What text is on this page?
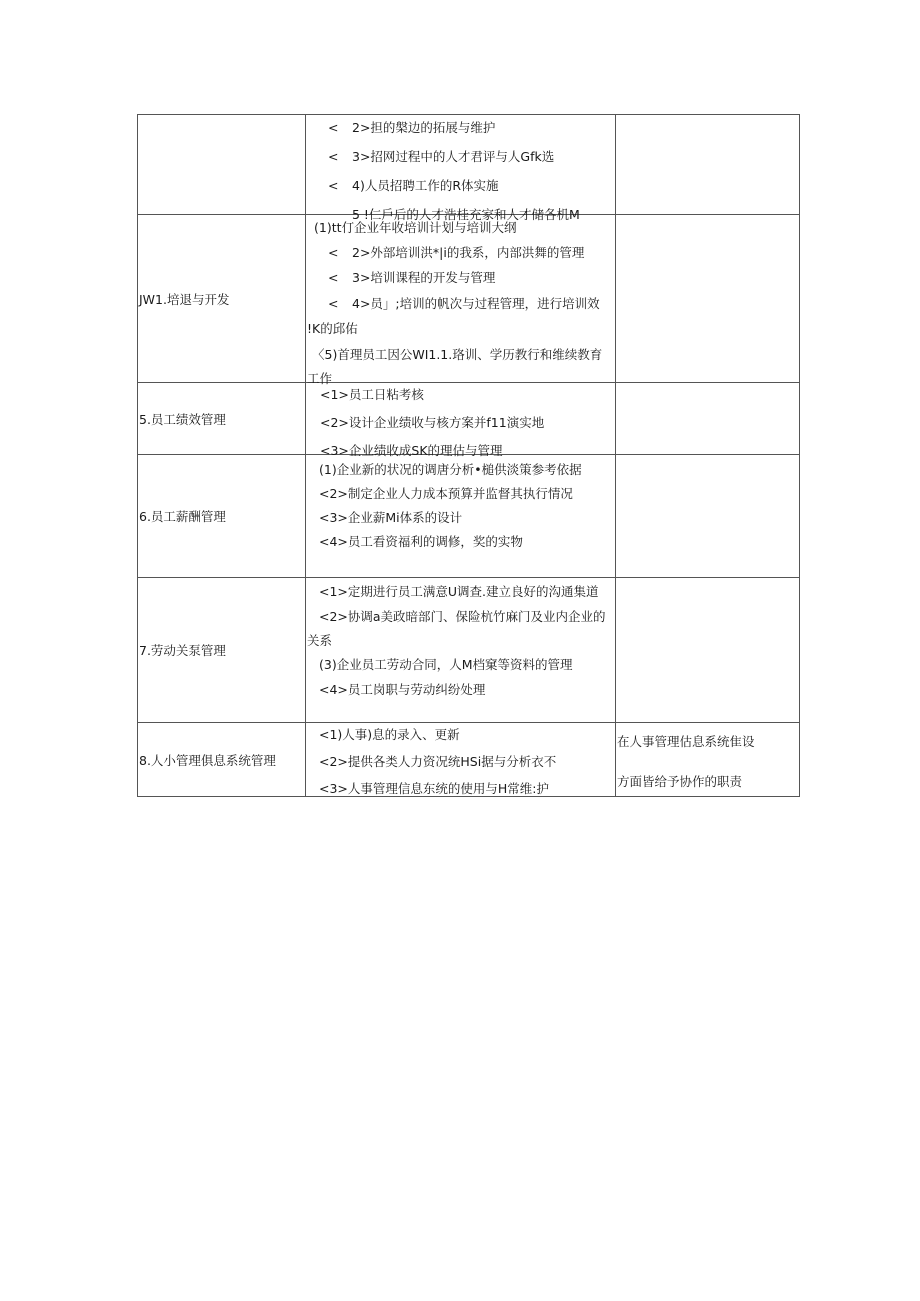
< 2>担的槃边的拓展与维护
< 3>招网过程中的人才君评与人Gfk选
< 4)人员招聘工作的R体实施
5 !仁戶后的人才浩桂充家和人才储各机M
JW1.培退与开发
(1)tt仃企业年收培训计划与培训大纲
< 2>外部培训洪*|i的我系，内部洪舞的管理
< 3>培训课程的开发与管理
< 4>员」;培训的帆次与过程管理，进行培训效
!K的邱佑
〈5)首理员工因公WI1.1.珞训、学历教行和维续教育
工作
5.员工绩效管理
<1>员工日粘考核
<2>设计企业绩收与核方案并f11演实地
<3>企业绩收成SK的理估与管理
6.员工薪酬管理
(1)企业新的状况的调唐分析•槌供淡策参考依据
<2>制定企业人力成本预算并监督其执行情况
<3>企业薪Mi体系的设计
<4>员工看资福利的调修，奖的实物
7.劳动关泵管理
<1>定期进行员工满意U调查.建立良好的沟通集道
<2>协调a美政暗部门、保险杭竹麻门及业内企业的
关系
(3)企业员工劳动合同，人M档窠等资料的管理
<4>员工岗职与劳动纠纷处理
8.人小管理俱息系统管理
<1)人事)息的录入、更新
<2>提供各类人力资况统HSi据与分析衣不
<3>人事管理信息东统的使用与H常维:护
在人事管理估息系统隹设
方面皆给予协作的职责
